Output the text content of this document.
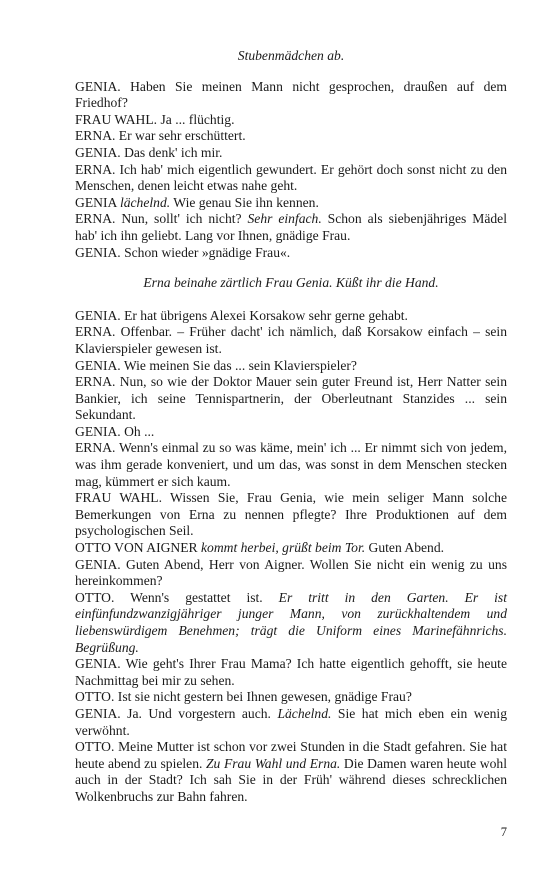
Stubenmädchen ab.

GENIA. Haben Sie meinen Mann nicht gesprochen, draußen auf dem Friedhof?

FRAU WAHL. Ja ... flüchtig.

ERNA. Er war sehr erschüttert.

GENIA. Das denk' ich mir.

ERNA. Ich hab' mich eigentlich gewundert. Er gehört doch sonst nicht zu den Menschen, denen leicht etwas nahe geht.

GENIA lächelnd. Wie genau Sie ihn kennen.

ERNA. Nun, sollt' ich nicht? Sehr einfach. Schon als siebenjähriges Mädel hab' ich ihn geliebt. Lang vor Ihnen, gnädige Frau.

GENIA. Schon wieder »gnädige Frau«.

Erna beinahe zärtlich Frau Genia. Küßt ihr die Hand.

GENIA. Er hat übrigens Alexei Korsakow sehr gerne gehabt.

ERNA. Offenbar. – Früher dacht' ich nämlich, daß Korsakow einfach – sein Klavierspieler gewesen ist.

GENIA. Wie meinen Sie das ... sein Klavierspieler?

ERNA. Nun, so wie der Doktor Mauer sein guter Freund ist, Herr Natter sein Bankier, ich seine Tennispartnerin, der Oberleutnant Stanzides ... sein Sekundant.

GENIA. Oh ...

ERNA. Wenn's einmal zu so was käme, mein' ich ... Er nimmt sich von jedem, was ihm gerade konveniert, und um das, was sonst in dem Menschen stecken mag, kümmert er sich kaum.

FRAU WAHL. Wissen Sie, Frau Genia, wie mein seliger Mann solche Bemerkungen von Erna zu nennen pflegte? Ihre Produktionen auf dem psychologischen Seil.

OTTO VON AIGNER kommt herbei, grüßt beim Tor. Guten Abend.

GENIA. Guten Abend, Herr von Aigner. Wollen Sie nicht ein wenig zu uns hereinkommen?

OTTO. Wenn's gestattet ist. Er tritt in den Garten. Er ist einfünfundzwanzigjähriger junger Mann, von zurückhaltendem und liebenswürdigem Benehmen; trägt die Uniform eines Marinefähnrichs. Begrüßung.

GENIA. Wie geht's Ihrer Frau Mama? Ich hatte eigentlich gehofft, sie heute Nachmittag bei mir zu sehen.

OTTO. Ist sie nicht gestern bei Ihnen gewesen, gnädige Frau?

GENIA. Ja. Und vorgestern auch. Lächelnd. Sie hat mich eben ein wenig verwöhnt.

OTTO. Meine Mutter ist schon vor zwei Stunden in die Stadt gefahren. Sie hat heute abend zu spielen. Zu Frau Wahl und Erna. Die Damen waren heute wohl auch in der Stadt? Ich sah Sie in der Früh' während dieses schrecklichen Wolkenbruchs zur Bahn fahren.

7
